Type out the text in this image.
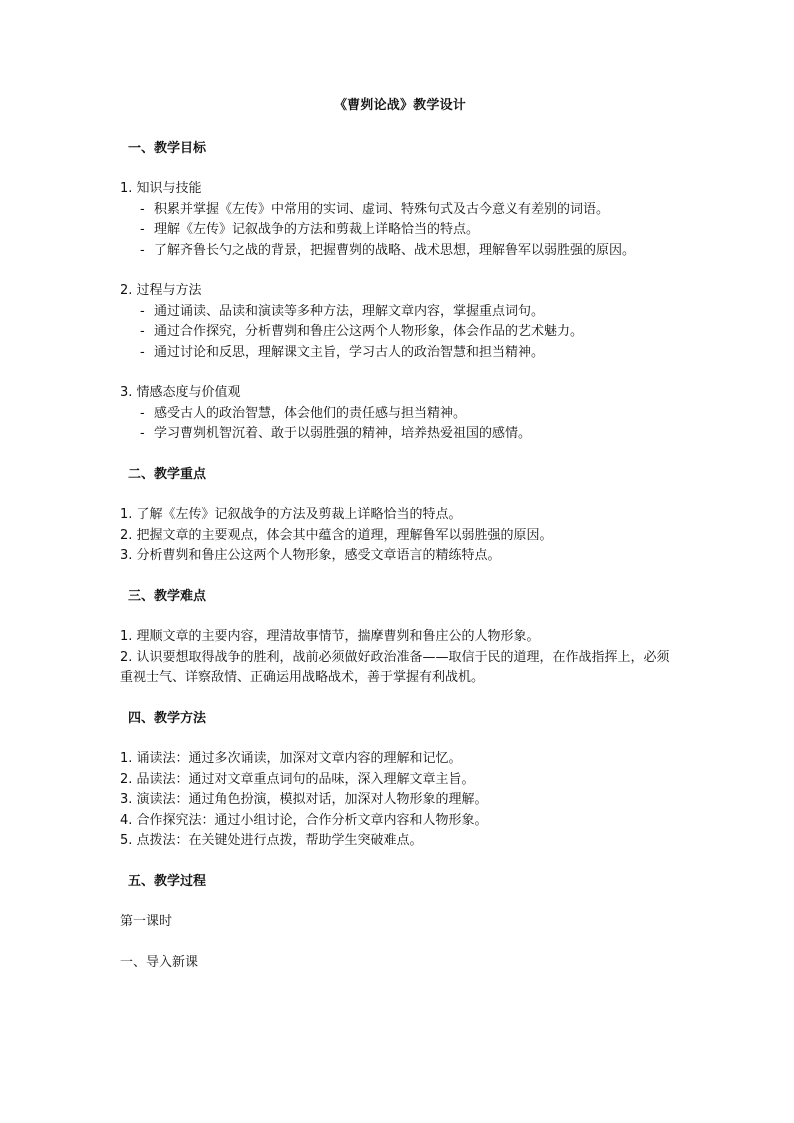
《曹刿论战》教学设计

一、教学目标

1. 知识与技能

- 积累并掌握《左传》中常用的实词、虚词、特殊句式及古今意义有差别的词语。

- 理解《左传》记叙战争的方法和剪裁上详略恰当的特点。

- 了解齐鲁长勺之战的背景，把握曹刿的战略、战术思想，理解鲁军以弱胜强的原因。

2. 过程与方法

- 通过诵读、品读和演读等多种方法，理解文章内容，掌握重点词句。

- 通过合作探究，分析曹刿和鲁庄公这两个人物形象，体会作品的艺术魅力。

- 通过讨论和反思，理解课文主旨，学习古人的政治智慧和担当精神。

3. 情感态度与价值观

- 感受古人的政治智慧，体会他们的责任感与担当精神。

- 学习曹刿机智沉着、敢于以弱胜强的精神，培养热爱祖国的感情。

二、教学重点

1. 了解《左传》记叙战争的方法及剪裁上详略恰当的特点。

2. 把握文章的主要观点，体会其中蕴含的道理，理解鲁军以弱胜强的原因。

3. 分析曹刿和鲁庄公这两个人物形象，感受文章语言的精练特点。

三、教学难点

1. 理顺文章的主要内容，理清故事情节，揣摩曹刿和鲁庄公的人物形象。

2. 认识要想取得战争的胜利，战前必须做好政治准备——取信于民的道理，在作战指挥上，必须重视士气、详察敌情、正确运用战略战术，善于掌握有利战机。

四、教学方法

1. 诵读法：通过多次诵读，加深对文章内容的理解和记忆。

2. 品读法：通过对文章重点词句的品味，深入理解文章主旨。

3. 演读法：通过角色扮演，模拟对话，加深对人物形象的理解。

4. 合作探究法：通过小组讨论，合作分析文章内容和人物形象。

5. 点拨法：在关键处进行点拨，帮助学生突破难点。

五、教学过程

第一课时

一、导入新课
